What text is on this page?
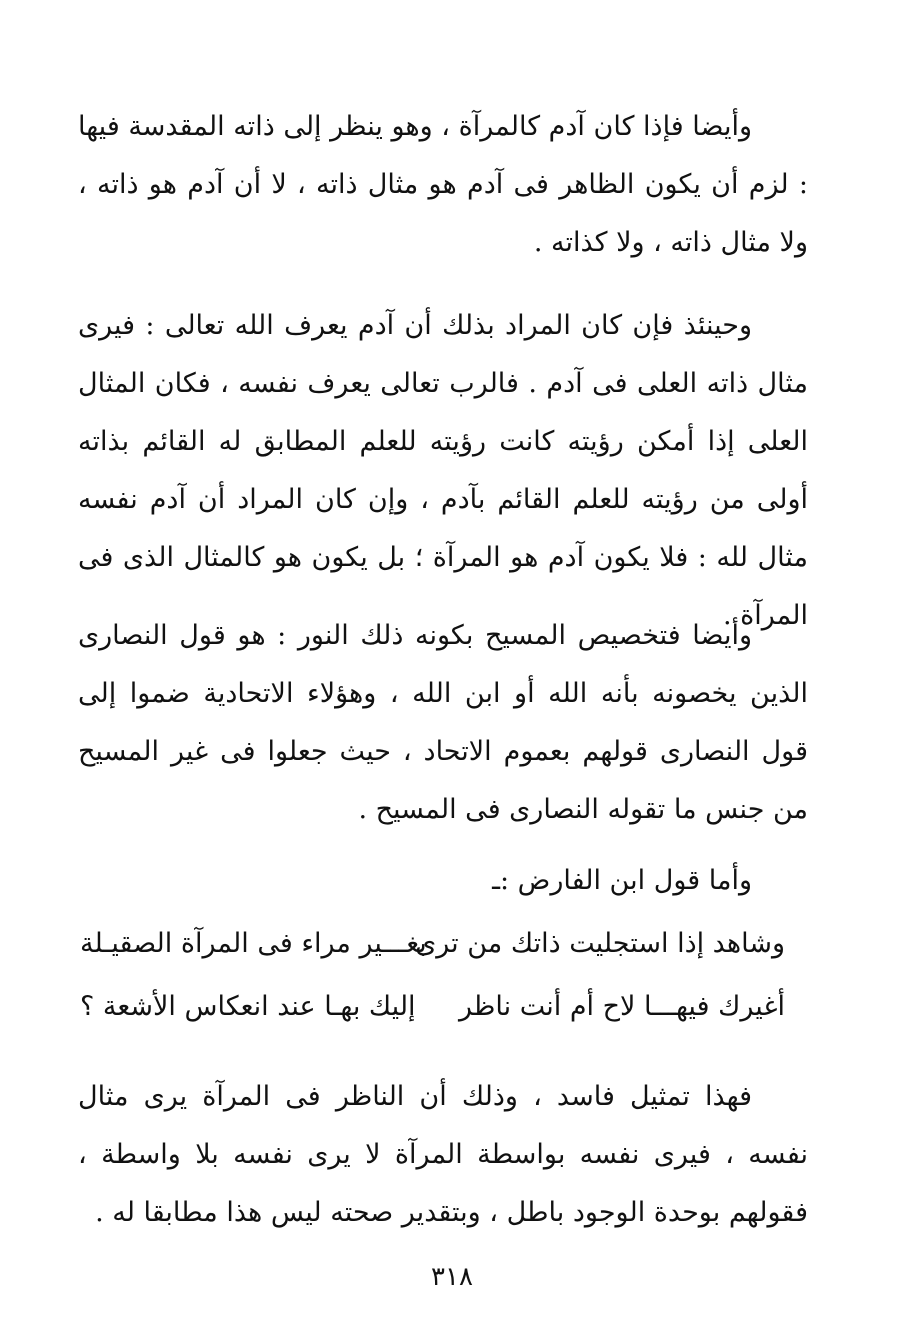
وأيضا فإذا كان آدم كالمرآة ، وهو ينظر إلى ذاته المقدسة فيها : لزم أن يكون الظاهر فى آدم هو مثال ذاته ، لا أن آدم هو ذاته ، ولا مثال ذاته ، ولا كذاته .

وحينئذ فإن كان المراد بذلك أن آدم يعرف الله تعالى : فيرى مثال ذاته العلى فى آدم . فالرب تعالى يعرف نفسه ، فكان المثال العلى إذا أمكن رؤيته كانت رؤيته للعلم المطابق له القائم بذاته أولى من رؤيته للعلم القائم بآدم ، وإن كان المراد أن آدم نفسه مثال لله : فلا يكون آدم هو المرآة ؛ بل يكون هو كالمثال الذى فى المرآة .

وأيضا فتخصيص المسيح بكونه ذلك النور : هو قول النصارى الذين يخصونه بأنه الله أو ابن الله ، وهؤلاء الاتحادية ضموا إلى قول النصارى قولهم بعموم الاتحاد ، حيث جعلوا فى غير المسيح من جنس ما تقوله النصارى فى المسيح .

وأما قول ابن الفارض :ـ

وشاهد إذا استجليت ذاتك من ترى
بغـــير مراء فى المرآة الصقيـلة
أغيرك فيهـــا لاح أم أنت ناظر
إليك بهـا عند انعكاس الأشعة ؟

فهذا تمثيل فاسد ، وذلك أن الناظر فى المرآة يرى مثال نفسه ، فيرى نفسه بواسطة المرآة لا يرى نفسه بلا واسطة ، فقولهم بوحدة الوجود باطل ، وبتقدير صحته ليس هذا مطابقا له .

٣١٨
